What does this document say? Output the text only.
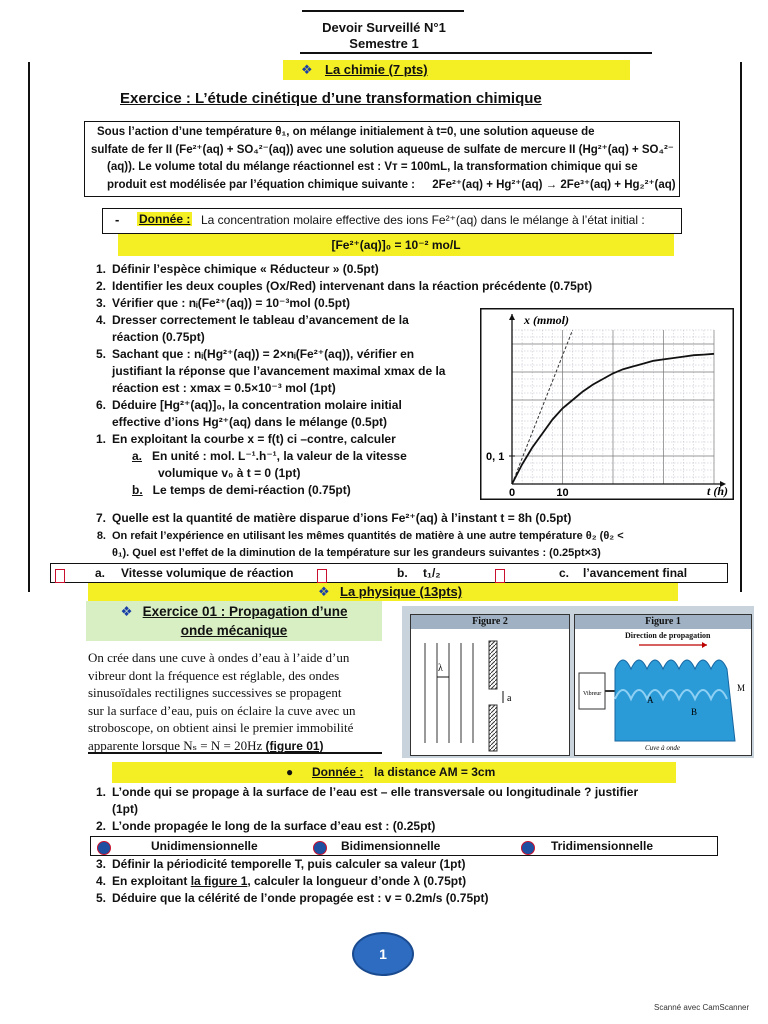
Devoir Surveillé N°1
Semestre 1
❖ La chimie (7 pts)
Exercice : L’étude cinétique d’une transformation chimique
Sous l’action d’une température θ₁, on mélange initialement à t=0, une solution aqueuse de
sulfate de fer II (Fe²⁺(aq) + SO₄²⁻(aq)) avec une solution aqueuse de sulfate de mercure II (Hg²⁺(aq) + SO₄²⁻
(aq)). Le volume total du mélange réactionnel est : Vт = 100mL, la transformation chimique qui se
produit est modélisée par l’équation chimique suivante : 2Fe²⁺(aq) + Hg²⁺(aq) → 2Fe³⁺(aq) + Hg₂²⁺(aq)
- Donnée : La concentration molaire effective des ions Fe²⁺(aq) dans le mélange à l’état initial :
[Fe²⁺(aq)]₀ = 10⁻² mo/L
1. Définir l’espèce chimique « Réducteur » (0.5pt)
2. Identifier les deux couples (Ox/Red) intervenant dans la réaction précédente (0.75pt)
3. Vérifier que : nᵢ(Fe²⁺(aq)) = 10⁻³mol (0.5pt)
4. Dresser correctement le tableau d’avancement de la
réaction (0.75pt)
5. Sachant que : nᵢ(Hg²⁺(aq)) = 2×nᵢ(Fe²⁺(aq)), vérifier en
justifiant la réponse que l’avancement maximal xmax de la
réaction est : xmax = 0.5×10⁻³ mol (1pt)
6. Déduire [Hg²⁺(aq)]₀, la concentration molaire initial
effective d’ions Hg²⁺(aq) dans le mélange (0.5pt)
1. En exploitant la courbe x = f(t) ci –contre, calculer
a. En unité : mol. L⁻¹.h⁻¹, la valeur de la vitesse
volumique v₀ à t = 0 (1pt)
b. Le temps de demi-réaction (0.75pt)
x (mmol)
t (h)
0	10
0, 1
7. Quelle est la quantité de matière disparue d’ions Fe²⁺(aq) à l’instant t = 8h (0.5pt)
8. On refait l’expérience en utilisant les mêmes quantités de matière à une autre température θ₂ (θ₂ <
θ₁). Quel est l’effet de la diminution de la température sur les grandeurs suivantes : (0.25pt×3)
a. Vitesse volumique de réaction	b. t₁/₂	c. l’avancement final
❖ La physique (13pts)
❖ Exercice 01 : Propagation d’une
onde mécanique
On crée dans une cuve à ondes d’eau à l’aide d’un
vibreur dont la fréquence est réglable, des ondes
sinusoïdales rectilignes successives se propagent
sur la surface d’eau, puis on éclaire la cuve avec un
stroboscope, on obtient ainsi le premier immobilité
apparente lorsque Nₛ = N = 20Hz (figure 01)
Figure 2
λ
a
Figure 1
Direction de propagation
Vibreur
Cuve à onde
A
B
M
● Donnée : la distance AM = 3cm
1. L’onde qui se propage à la surface de l’eau est – elle transversale ou longitudinale ? justifier
(1pt)
2. L’onde propagée le long de la surface d’eau est : (0.25pt)
Unidimensionnelle	Bidimensionnelle	Tridimensionnelle
3. Définir la périodicité temporelle T, puis calculer sa valeur (1pt)
4. En exploitant la figure 1, calculer la longueur d’onde λ (0.75pt)
5. Déduire que la célérité de l’onde propagée est : v = 0.2m/s (0.75pt)
1
Scanné avec CamScanner
